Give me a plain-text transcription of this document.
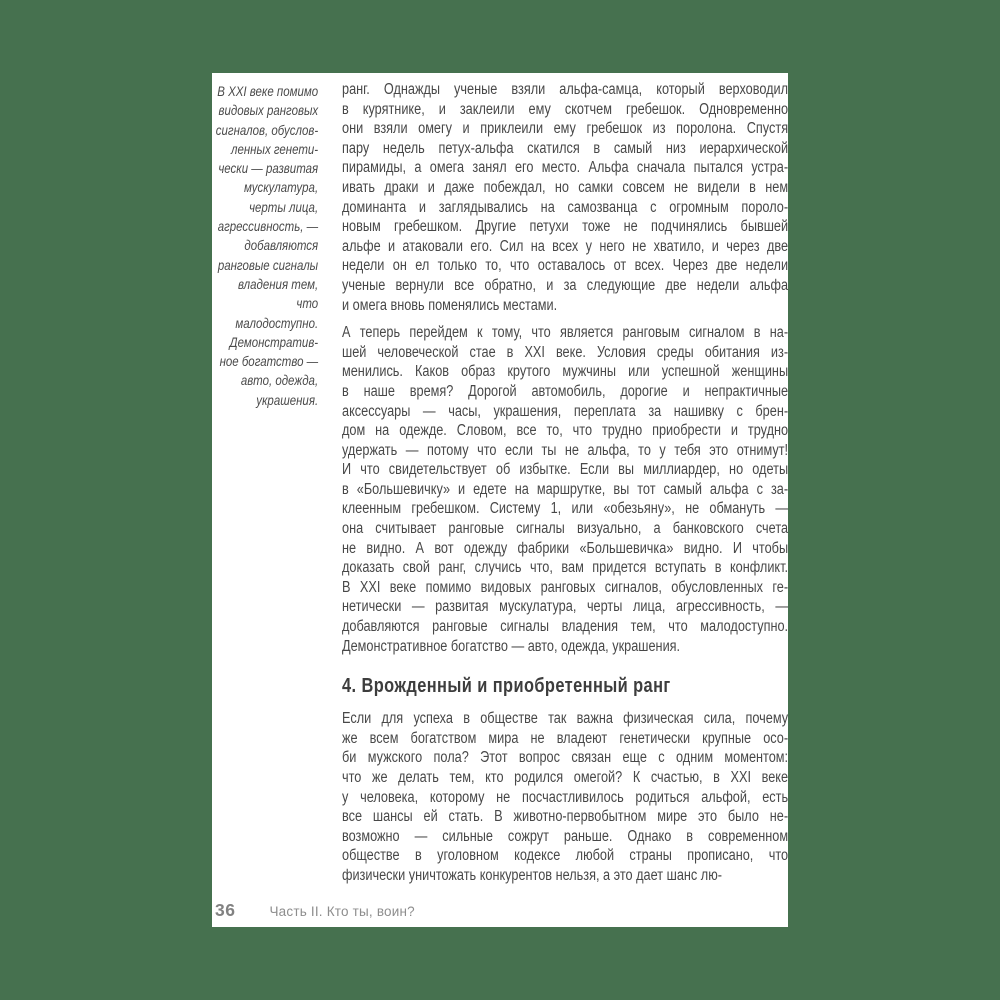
В XXI веке помимо
видовых ранговых
сигналов, обуслов-
ленных генети-
чески — развитая
мускулатура,
черты лица,
агрессивность, —
добавляются
ранговые сигналы
владения тем, что
малодоступно.
Демонстратив-
ное богатство —
авто, одежда,
украшения.
ранг. Однажды ученые взяли альфа-самца, который верховодил
в курятнике, и заклеили ему скотчем гребешок. Одновременно
они взяли омегу и приклеили ему гребешок из поролона. Спустя
пару недель петух-альфа скатился в самый низ иерархической
пирамиды, а омега занял его место. Альфа сначала пытался устра-
ивать драки и даже побеждал, но самки совсем не видели в нем
доминанта и заглядывались на самозванца с огромным пороло-
новым гребешком. Другие петухи тоже не подчинялись бывшей
альфе и атаковали его. Сил на всех у него не хватило, и через две
недели он ел только то, что оставалось от всех. Через две недели
ученые вернули все обратно, и за следующие две недели альфа
и омега вновь поменялись местами.
А теперь перейдем к тому, что является ранговым сигналом в на-
шей человеческой стае в XXI веке. Условия среды обитания из-
менились. Каков образ крутого мужчины или успешной женщины
в наше время? Дорогой автомобиль, дорогие и непрактичные
аксессуары — часы, украшения, переплата за нашивку с брен-
дом на одежде. Словом, все то, что трудно приобрести и трудно
удержать — потому что если ты не альфа, то у тебя это отнимут!
И что свидетельствует об избытке. Если вы миллиардер, но одеты
в «Большевичку» и едете на маршрутке, вы тот самый альфа с за-
клеенным гребешком. Систему 1, или «обезьяну», не обмануть —
она считывает ранговые сигналы визуально, а банковского счета
не видно. А вот одежду фабрики «Большевичка» видно. И чтобы
доказать свой ранг, случись что, вам придется вступать в конфликт.
В XXI веке помимо видовых ранговых сигналов, обусловленных ге-
нетически — развитая мускулатура, черты лица, агрессивность, —
добавляются ранговые сигналы владения тем, что малодоступно.
Демонстративное богатство — авто, одежда, украшения.
4. Врожденный и приобретенный ранг
Если для успеха в обществе так важна физическая сила, почему
же всем богатством мира не владеют генетически крупные осо-
би мужского пола? Этот вопрос связан еще с одним моментом:
что же делать тем, кто родился омегой? К счастью, в XXI веке
у человека, которому не посчастливилось родиться альфой, есть
все шансы ей стать. В животно-первобытном мире это было не-
возможно — сильные сожрут раньше. Однако в современном
обществе в уголовном кодексе любой страны прописано, что
физически уничтожать конкурентов нельзя, а это дает шанс лю-
36	Часть II. Кто ты, воин?
